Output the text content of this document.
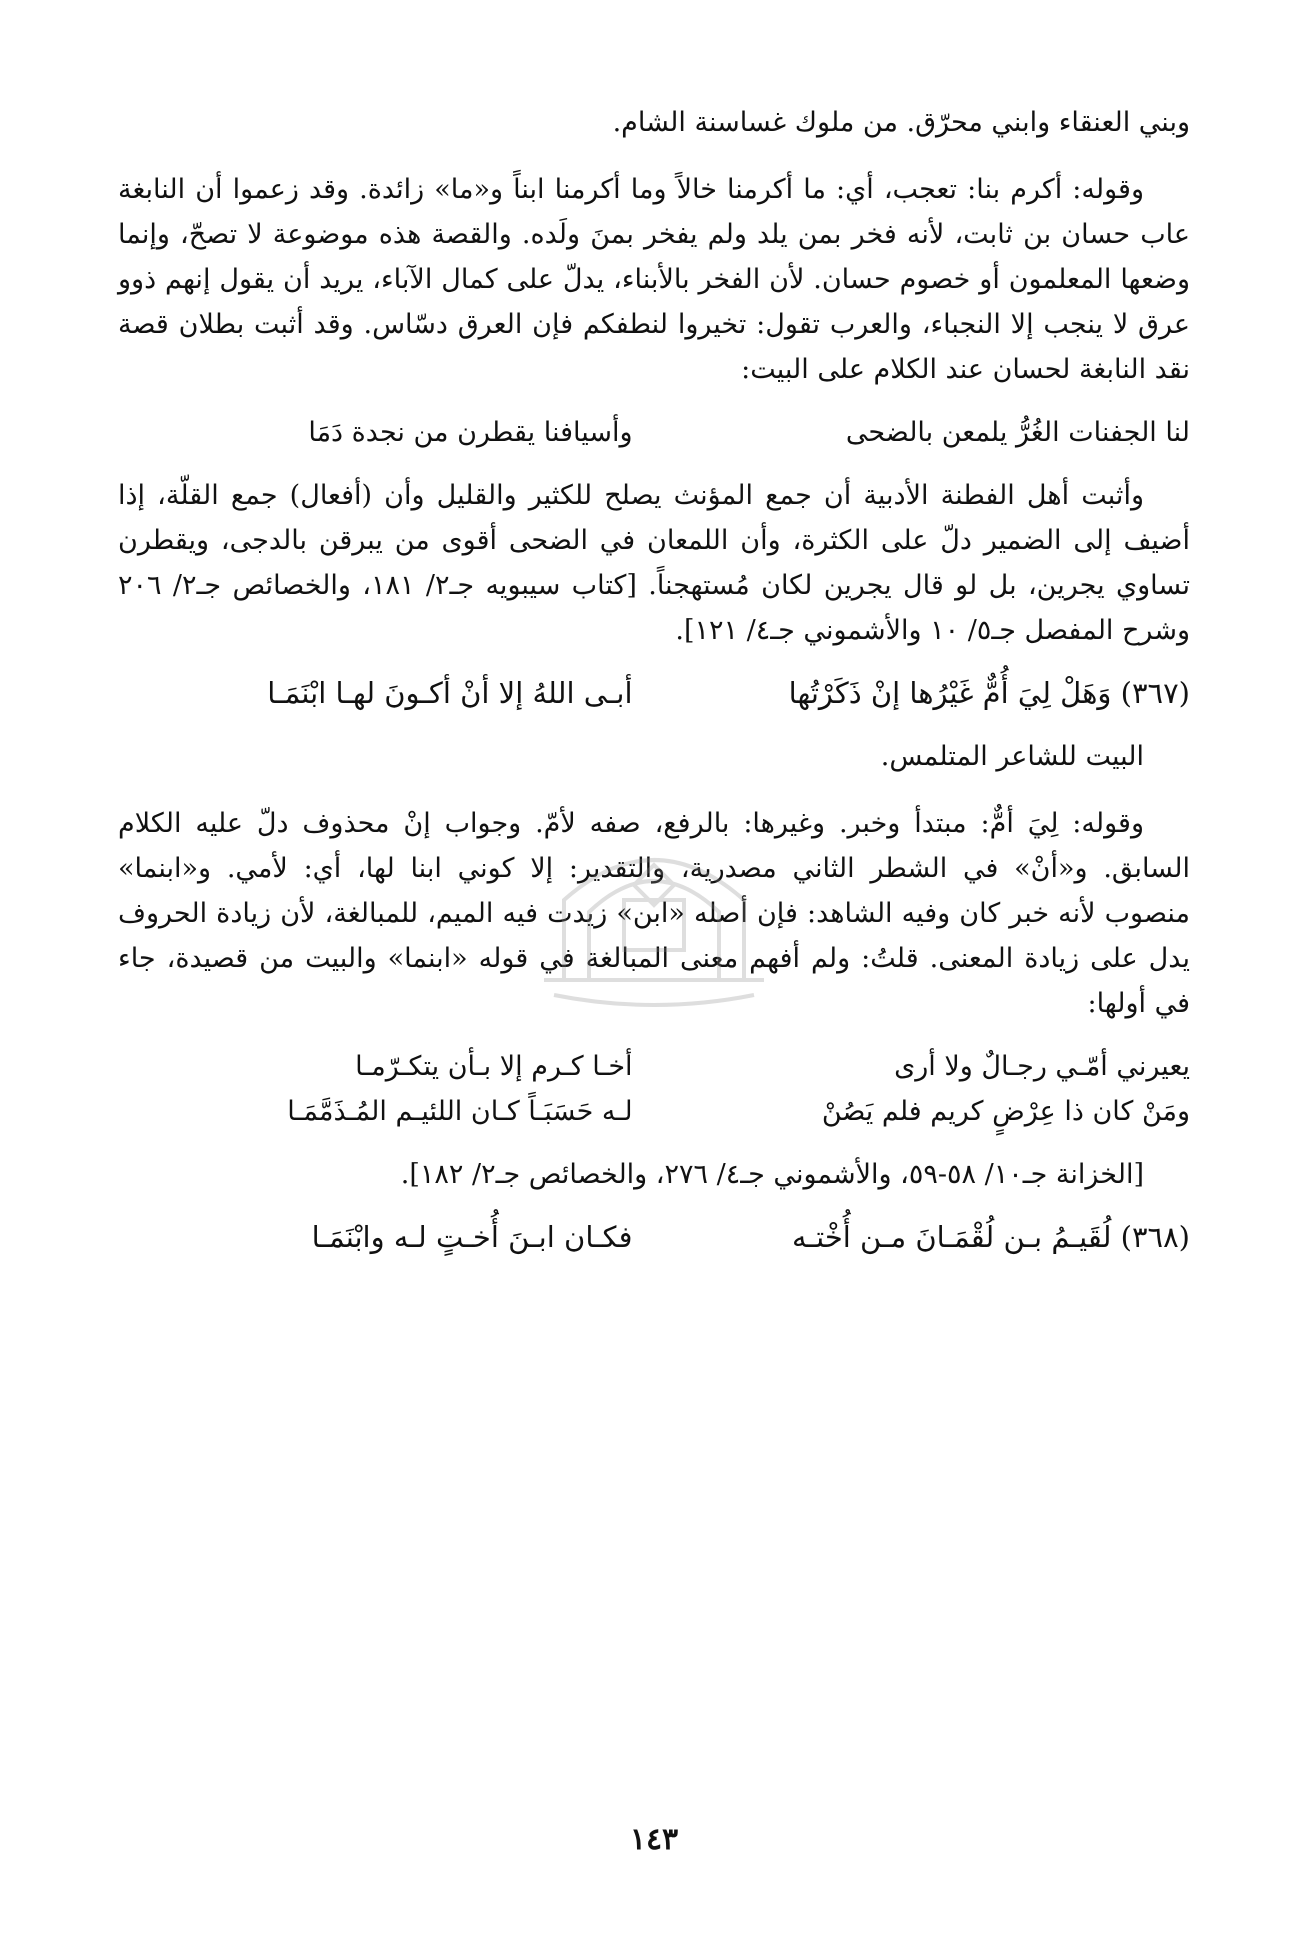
وبني العنقاء وابني محرّق. من ملوك غساسنة الشام.

وقوله: أكرم بنا: تعجب، أي: ما أكرمنا خالاً وما أكرمنا ابناً و«ما» زائدة. وقد زعموا أن النابغة عاب حسان بن ثابت، لأنه فخر بمن يلد ولم يفخر بمنَ ولَده. والقصة هذه موضوعة لا تصحّ، وإنما وضعها المعلمون أو خصوم حسان. لأن الفخر بالأبناء، يدلّ على كمال الآباء، يريد أن يقول إنهم ذوو عرق لا ينجب إلا النجباء، والعرب تقول: تخيروا لنطفكم فإن العرق دسّاس. وقد أثبت بطلان قصة نقد النابغة لحسان عند الكلام على البيت:

لنا الجفنات الغُرُّ يلمعن بالضحى
وأسيافنا يقطرن من نجدة دَمَا

وأثبت أهل الفطنة الأدبية أن جمع المؤنث يصلح للكثير والقليل وأن (أفعال) جمع القلّة، إذا أضيف إلى الضمير دلّ على الكثرة، وأن اللمعان في الضحى أقوى من يبرقن بالدجى، ويقطرن تساوي يجرين، بل لو قال يجرين لكان مُستهجناً. [كتاب سيبويه جـ٢/ ١٨١، والخصائص جـ٢/ ٢٠٦ وشرح المفصل جـ٥/ ١٠ والأشموني جـ٤/ ١٢١].

(٣٦٧) وَهَلْ لِيَ أُمٌّ غَيْرُها إنْ ذَكَرْتُها
أبـى اللهُ إلا أنْ أكـونَ لهـا ابْنَمَـا

البيت للشاعر المتلمس.

وقوله: لِيَ أمٌّ: مبتدأ وخبر. وغيرها: بالرفع، صفه لأمّ. وجواب إنْ محذوف دلّ عليه الكلام السابق. و«أنْ» في الشطر الثاني مصدرية، والتقدير: إلا كوني ابنا لها، أي: لأمي. و«ابنما» منصوب لأنه خبر كان وفيه الشاهد: فإن أصله «ابن» زيدت فيه الميم، للمبالغة، لأن زيادة الحروف يدل على زيادة المعنى. قلتُ: ولم أفهم معنى المبالغة في قوله «ابنما» والبيت من قصيدة، جاء في أولها:

يعيرني أمّـي رجـالٌ ولا أرى
أخـا كـرم إلا بـأن يتكـرّمـا
ومَنْ كان ذا عِرْضٍ كريم فلم يَصُنْ
لـه حَسَبَـاً كـان اللئيـم المُـذَمَّمَـا

[الخزانة جـ١٠/ ٥٨-٥٩، والأشموني جـ٤/ ٢٧٦، والخصائص جـ٢/ ١٨٢].

(٣٦٨) لُقَيـمُ بـن لُقْمَـانَ مـن أُخْتـه
فكـان ابـنَ أُخـتٍ لـه وابْنَمَـا
١٤٣
